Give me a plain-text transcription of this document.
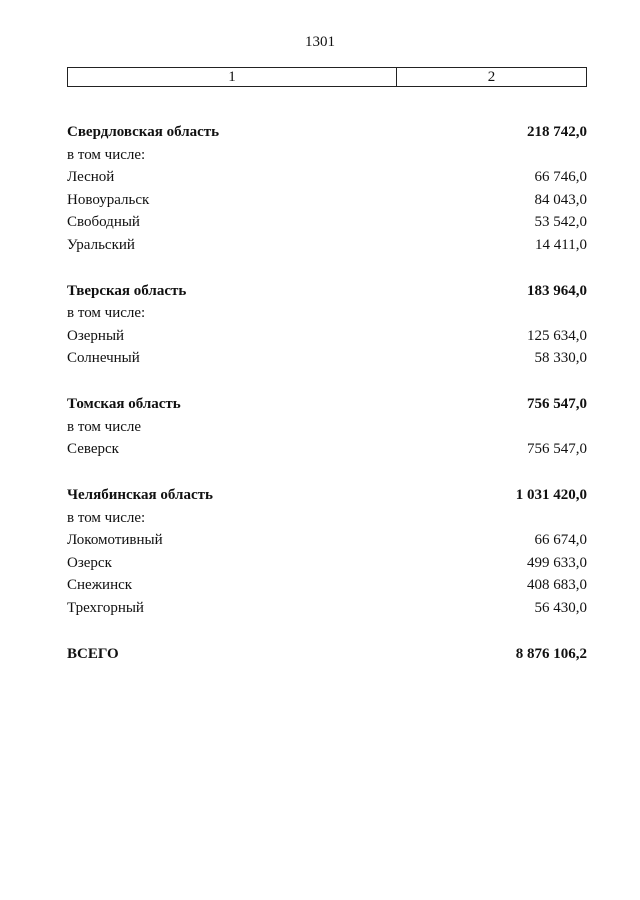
1301
1	2
Свердловская область	218 742,0
в том числе:
Лесной	66 746,0
Новоуральск	84 043,0
Свободный	53 542,0
Уральский	14 411,0
Тверская область	183 964,0
в том числе:
Озерный	125 634,0
Солнечный	58 330,0
Томская область	756 547,0
в том числе
Северск	756 547,0
Челябинская область	1 031 420,0
в том числе:
Локомотивный	66 674,0
Озерск	499 633,0
Снежинск	408 683,0
Трехгорный	56 430,0
ВСЕГО	8 876 106,2
